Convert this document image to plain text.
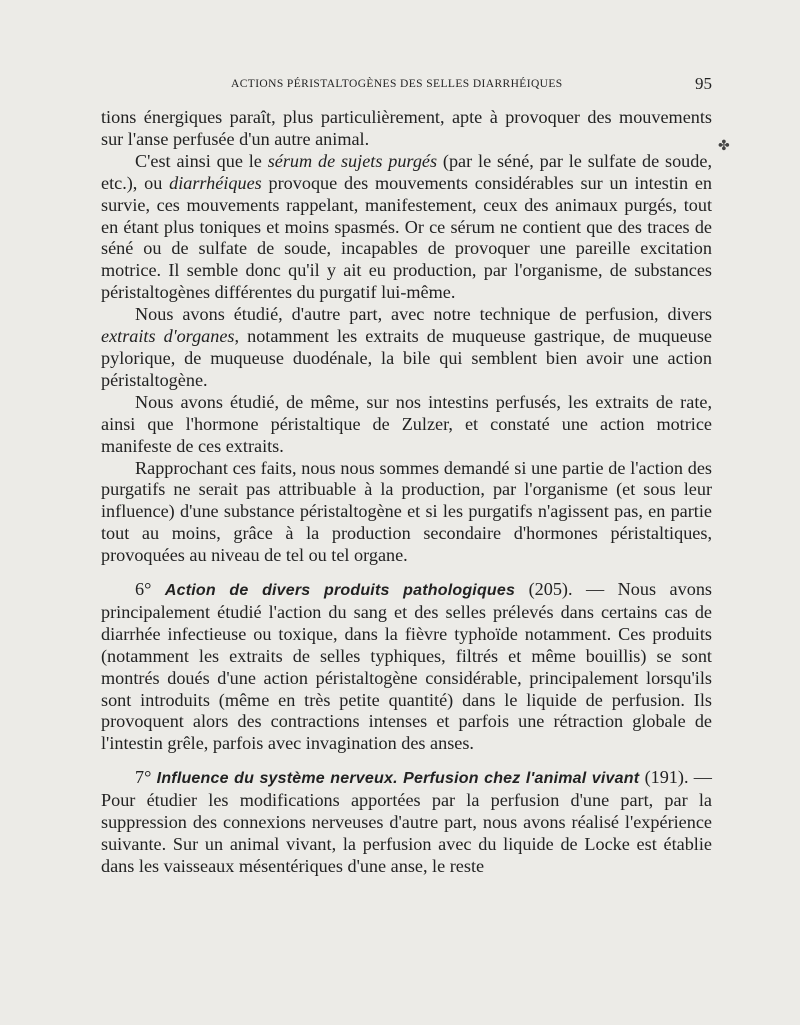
ACTIONS PÉRISTALTOGÈNES DES SELLES DIARRHÉIQUES	95
✤

tions énergiques paraît, plus particulièrement, apte à provoquer des mouvements sur l'anse perfusée d'un autre animal.

C'est ainsi que le sérum de sujets purgés (par le séné, par le sulfate de soude, etc.), ou diarrhéiques provoque des mouvements considérables sur un intestin en survie, ces mouvements rappelant, manifestement, ceux des animaux purgés, tout en étant plus toniques et moins spasmés. Or ce sérum ne contient que des traces de séné ou de sulfate de soude, incapables de provoquer une pareille excitation motrice. Il semble donc qu'il y ait eu production, par l'organisme, de substances péristaltogènes différentes du purgatif lui-même.

Nous avons étudié, d'autre part, avec notre technique de perfusion, divers extraits d'organes, notamment les extraits de muqueuse gastrique, de muqueuse pylorique, de muqueuse duodénale, la bile qui semblent bien avoir une action péristaltogène.

Nous avons étudié, de même, sur nos intestins perfusés, les extraits de rate, ainsi que l'hormone péristaltique de Zulzer, et constaté une action motrice manifeste de ces extraits.

Rapprochant ces faits, nous nous sommes demandé si une partie de l'action des purgatifs ne serait pas attribuable à la production, par l'organisme (et sous leur influence) d'une substance péristaltogène et si les purgatifs n'agissent pas, en partie tout au moins, grâce à la production secondaire d'hormones péristaltiques, provoquées au niveau de tel ou tel organe.

6° Action de divers produits pathologiques (205). — Nous avons principalement étudié l'action du sang et des selles prélevés dans certains cas de diarrhée infectieuse ou toxique, dans la fièvre typhoïde notamment. Ces produits (notamment les extraits de selles typhiques, filtrés et même bouillis) se sont montrés doués d'une action péristaltogène considérable, principalement lorsqu'ils sont introduits (même en très petite quantité) dans le liquide de perfusion. Ils provoquent alors des contractions intenses et parfois une rétraction globale de l'intestin grêle, parfois avec invagination des anses.

7° Influence du système nerveux. Perfusion chez l'animal vivant (191). — Pour étudier les modifications apportées par la perfusion d'une part, par la suppression des connexions nerveuses d'autre part, nous avons réalisé l'expérience suivante. Sur un animal vivant, la perfusion avec du liquide de Locke est établie dans les vaisseaux mésentériques d'une anse, le reste
